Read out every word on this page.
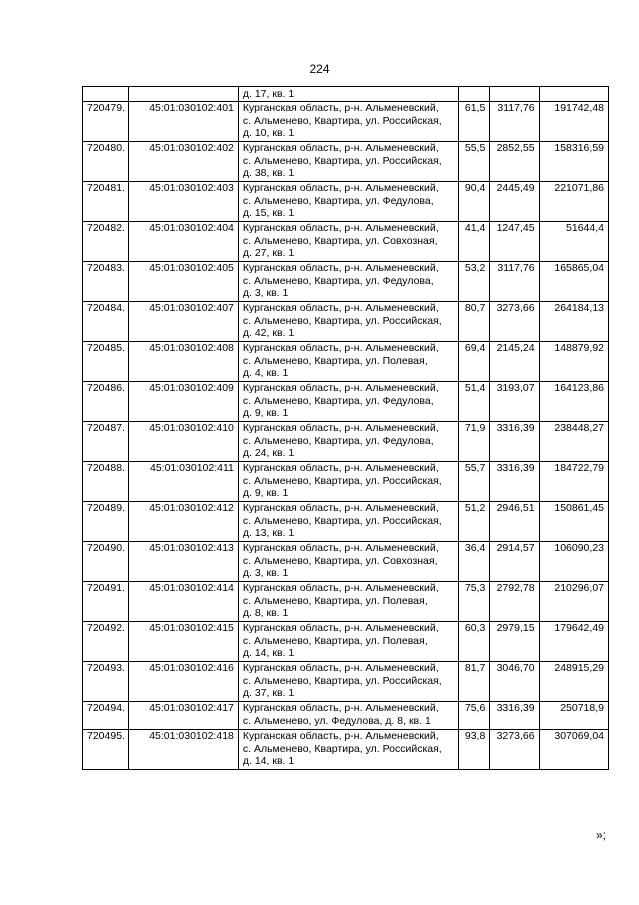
224

		д. 17, кв. 1			

720479.	45:01:030102:401	Курганская область, р-н. Альменевский,
с. Альменево, Квартира, ул. Российская,
д. 10, кв. 1	61,5	3117,76	191742,48
720480.	45:01:030102:402	Курганская область, р-н. Альменевский,
с. Альменево, Квартира, ул. Российская,
д. 38, кв. 1	55,5	2852,55	158316,59
720481.	45:01:030102:403	Курганская область, р-н. Альменевский,
с. Альменево, Квартира, ул. Федулова,
д. 15, кв. 1	90,4	2445,49	221071,86
720482.	45:01:030102:404	Курганская область, р-н. Альменевский,
с. Альменево, Квартира, ул. Совхозная,
д. 27, кв. 1	41,4	1247,45	51644,4
720483.	45:01:030102:405	Курганская область, р-н. Альменевский,
с. Альменево, Квартира, ул. Федулова,
д. 3, кв. 1	53,2	3117,76	165865,04
720484.	45:01:030102:407	Курганская область, р-н. Альменевский,
с. Альменево, Квартира, ул. Российская,
д. 42, кв. 1	80,7	3273,66	264184,13
720485.	45:01:030102:408	Курганская область, р-н. Альменевский,
с. Альменево, Квартира, ул. Полевая,
д. 4, кв. 1	69,4	2145,24	148879,92
720486.	45:01:030102:409	Курганская область, р-н. Альменевский,
с. Альменево, Квартира, ул. Федулова,
д. 9, кв. 1	51,4	3193,07	164123,86
720487.	45:01:030102:410	Курганская область, р-н. Альменевский,
с. Альменево, Квартира, ул. Федулова,
д. 24, кв. 1	71,9	3316,39	238448,27
720488.	45:01:030102:411	Курганская область, р-н. Альменевский,
с. Альменево, Квартира, ул. Российская,
д. 9, кв. 1	55,7	3316,39	184722,79
720489.	45:01:030102:412	Курганская область, р-н. Альменевский,
с. Альменево, Квартира, ул. Российская,
д. 13, кв. 1	51,2	2946,51	150861,45
720490.	45:01:030102:413	Курганская область, р-н. Альменевский,
с. Альменево, Квартира, ул. Совхозная,
д. 3, кв. 1	36,4	2914,57	106090,23
720491.	45:01:030102:414	Курганская область, р-н. Альменевский,
с. Альменево, Квартира, ул. Полевая,
д. 8, кв. 1	75,3	2792,78	210296,07
720492.	45:01:030102:415	Курганская область, р-н. Альменевский,
с. Альменево, Квартира, ул. Полевая,
д. 14, кв. 1	60,3	2979,15	179642,49
720493.	45:01:030102:416	Курганская область, р-н. Альменевский,
с. Альменево, Квартира, ул. Российская,
д. 37, кв. 1	81,7	3046,70	248915,29
720494.	45:01:030102:417	Курганская область, р-н. Альменевский,
с. Альменево, ул. Федулова, д. 8, кв. 1	75,6	3316,39	250718,9
720495.	45:01:030102:418	Курганская область, р-н. Альменевский,
с. Альменево, Квартира, ул. Российская,
д. 14, кв. 1	93,8	3273,66	307069,04
»;
